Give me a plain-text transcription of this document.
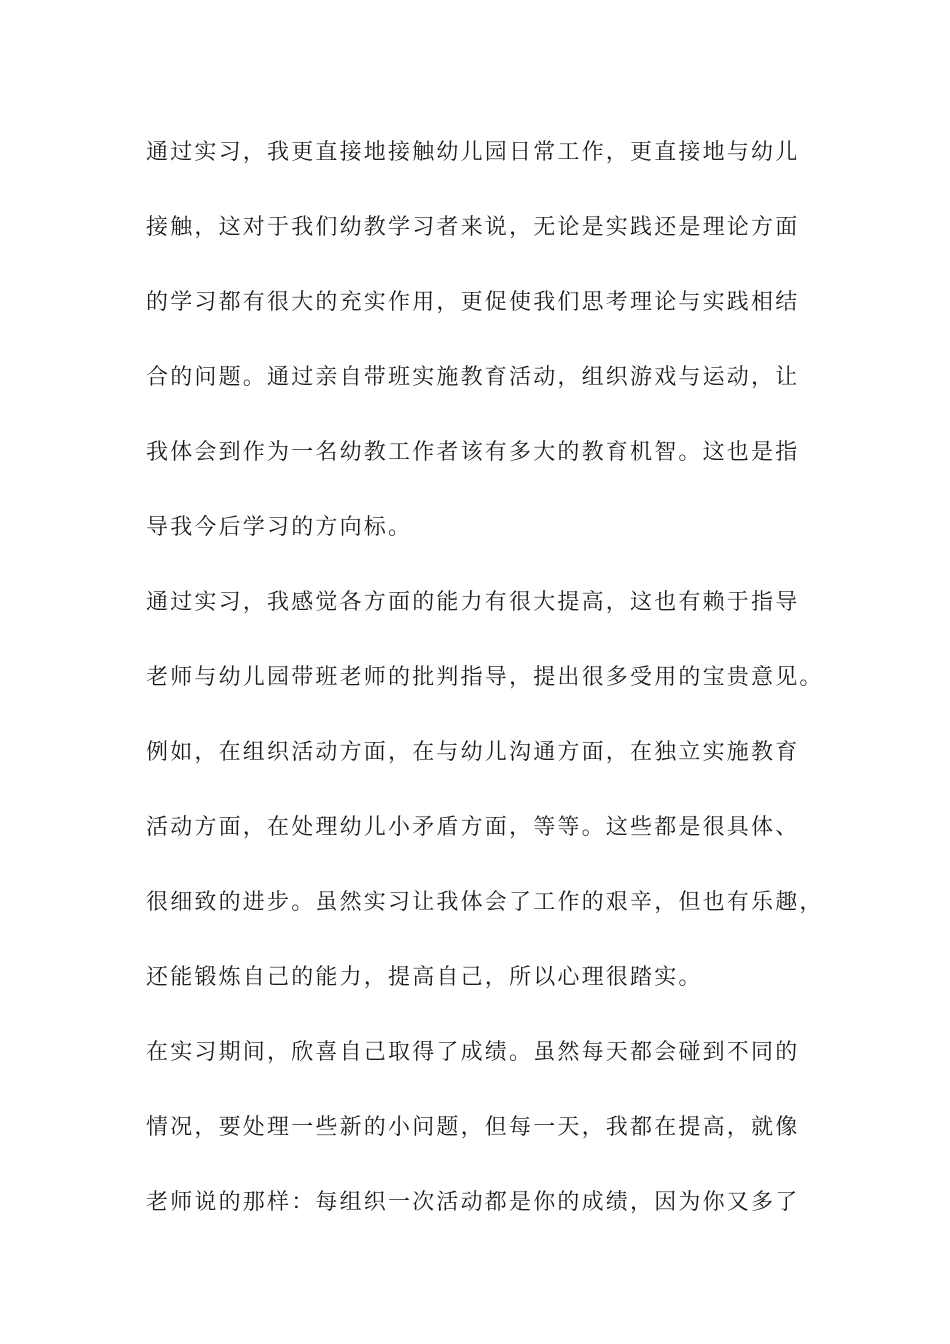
通过实习，我更直接地接触幼儿园日常工作，更直接地与幼儿
接触，这对于我们幼教学习者来说，无论是实践还是理论方面
的学习都有很大的充实作用，更促使我们思考理论与实践相结
合的问题。通过亲自带班实施教育活动，组织游戏与运动，让
我体会到作为一名幼教工作者该有多大的教育机智。这也是指
导我今后学习的方向标。
通过实习，我感觉各方面的能力有很大提高，这也有赖于指导
老师与幼儿园带班老师的批判指导，提出很多受用的宝贵意见。
例如，在组织活动方面，在与幼儿沟通方面，在独立实施教育
活动方面，在处理幼儿小矛盾方面，等等。这些都是很具体、
很细致的进步。虽然实习让我体会了工作的艰辛，但也有乐趣，
还能锻炼自己的能力，提高自己，所以心理很踏实。
在实习期间，欣喜自己取得了成绩。虽然每天都会碰到不同的
情况，要处理一些新的小问题，但每一天，我都在提高，就像
老师说的那样：每组织一次活动都是你的成绩，因为你又多了
